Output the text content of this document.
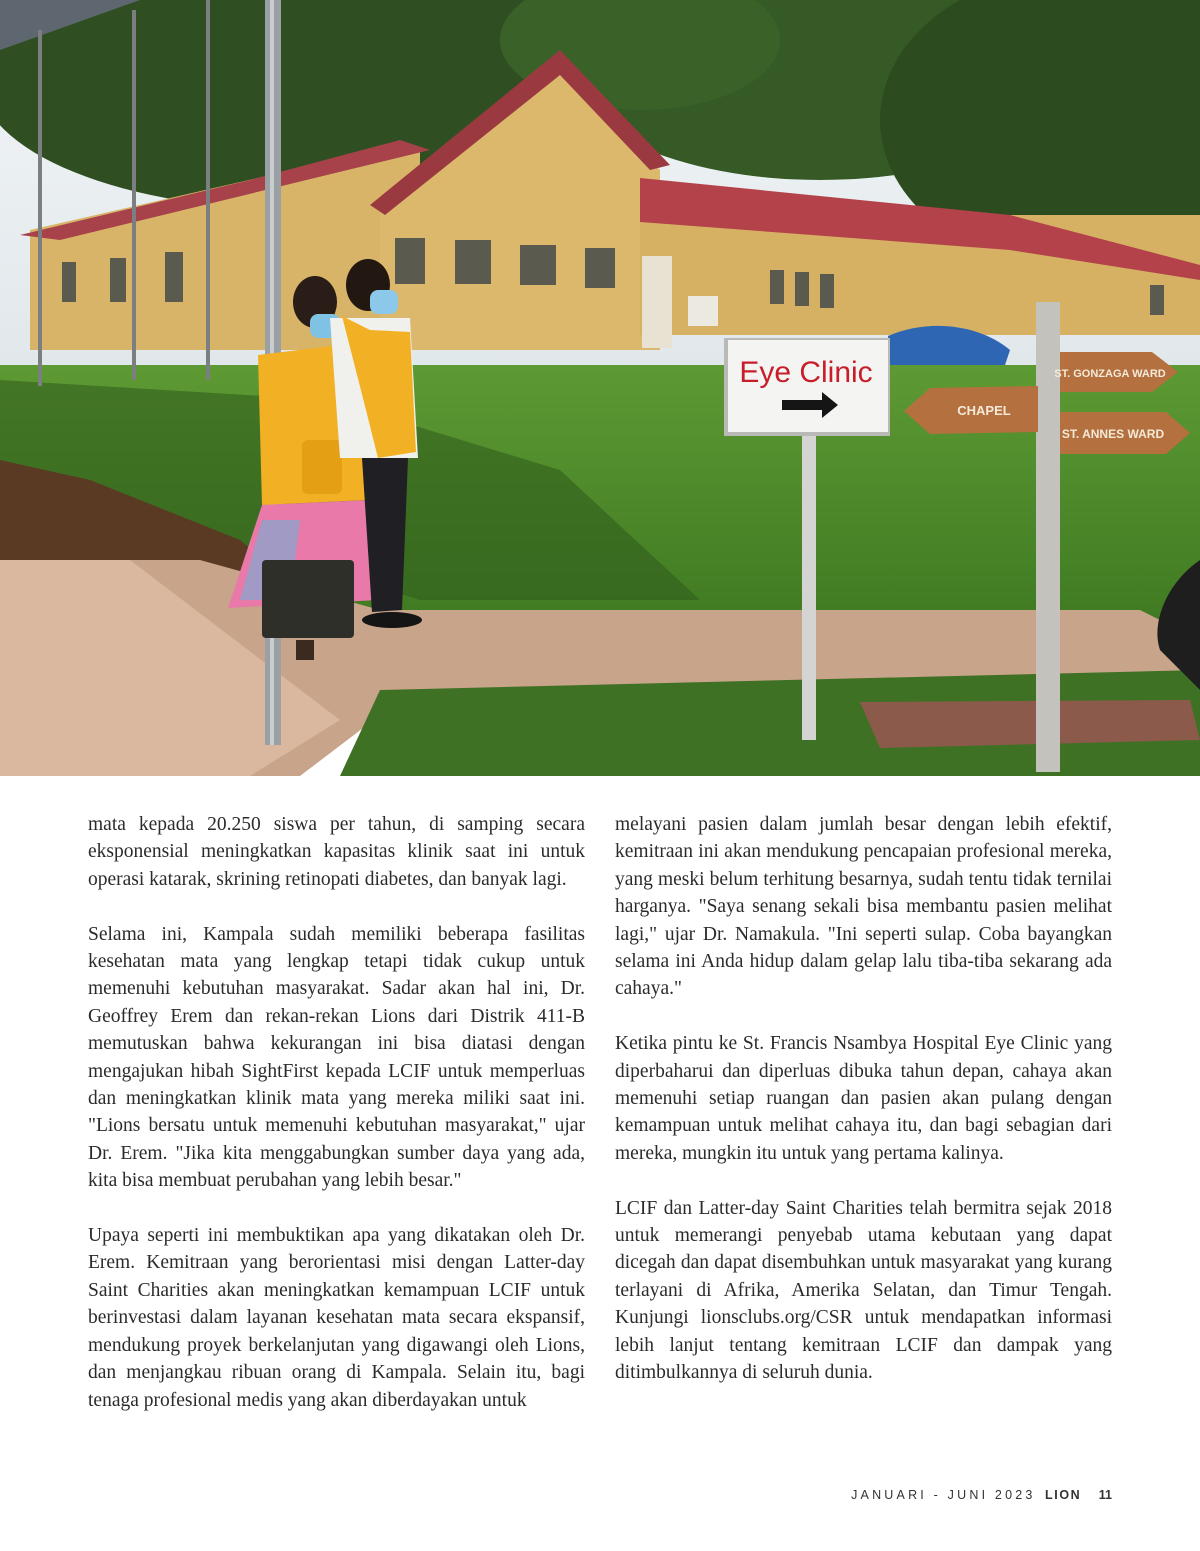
Eye Clinic	ST. GONZAGA WARD
CHAPEL
ST. ANNES WARD

mata kepada 20.250 siswa per tahun, di samping secara eksponensial meningkatkan kapasitas klinik saat ini untuk operasi katarak, skrining retinopati diabetes, dan banyak lagi.

Selama ini, Kampala sudah memiliki beberapa fasilitas kesehatan mata yang lengkap tetapi tidak cukup untuk memenuhi kebutuhan masyarakat. Sadar akan hal ini, Dr. Geoffrey Erem dan rekan-rekan Lions dari Distrik 411-B memutuskan bahwa kekurangan ini bisa diatasi dengan mengajukan hibah SightFirst kepada LCIF untuk memperluas dan meningkatkan klinik mata yang mereka miliki saat ini. "Lions bersatu untuk memenuhi kebutuhan masyarakat," ujar Dr. Erem. "Jika kita menggabungkan sumber daya yang ada, kita bisa membuat perubahan yang lebih besar."

Upaya seperti ini membuktikan apa yang dikatakan oleh Dr. Erem. Kemitraan yang berorientasi misi dengan Latter-day Saint Charities akan meningkatkan kemampuan LCIF untuk berinvestasi dalam layanan kesehatan mata secara ekspansif, mendukung proyek berkelanjutan yang digawangi oleh Lions, dan menjangkau ribuan orang di Kampala. Selain itu, bagi tenaga profesional medis yang akan diberdayakan untuk

melayani pasien dalam jumlah besar dengan lebih efektif, kemitraan ini akan mendukung pencapaian profesional mereka, yang meski belum terhitung besarnya, sudah tentu tidak ternilai harganya. "Saya senang sekali bisa membantu pasien melihat lagi," ujar Dr. Namakula. "Ini seperti sulap. Coba bayangkan selama ini Anda hidup dalam gelap lalu tiba-tiba sekarang ada cahaya."

Ketika pintu ke St. Francis Nsambya Hospital Eye Clinic yang diperbaharui dan diperluas dibuka tahun depan, cahaya akan memenuhi setiap ruangan dan pasien akan pulang dengan kemampuan untuk melihat cahaya itu, dan bagi sebagian dari mereka, mungkin itu untuk yang pertama kalinya.

LCIF dan Latter-day Saint Charities telah bermitra sejak 2018 untuk memerangi penyebab utama kebutaan yang dapat dicegah dan dapat disembuhkan untuk masyarakat yang kurang terlayani di Afrika, Amerika Selatan, dan Timur Tengah. Kunjungi lionsclubs.org/CSR untuk mendapatkan informasi lebih lanjut tentang kemitraan LCIF dan dampak yang ditimbulkannya di seluruh dunia.

JANUARI - JUNI 2023 LION 11
